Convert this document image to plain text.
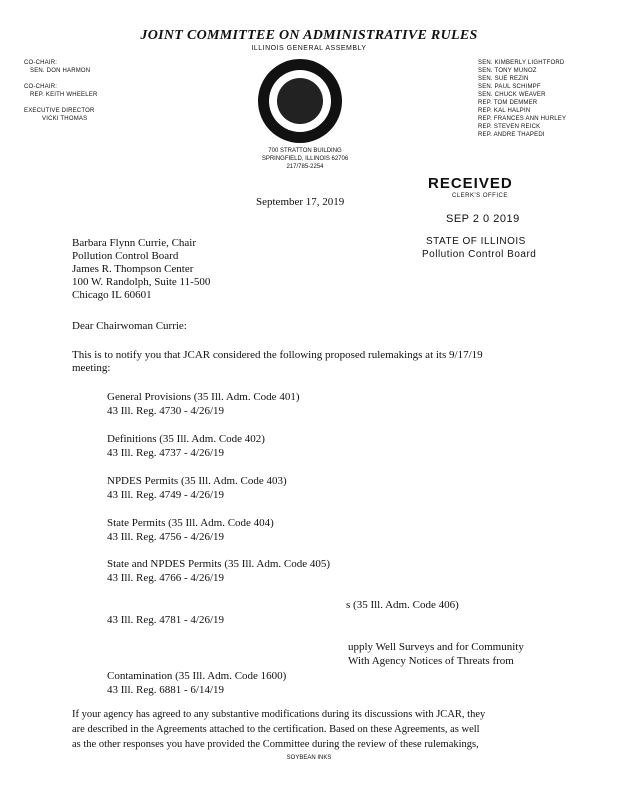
JOINT COMMITTEE ON ADMINISTRATIVE RULES
ILLINOIS GENERAL ASSEMBLY
CO-CHAIR:
SEN. DON HARMON
CO-CHAIR:
REP. KEITH WHEELER
EXECUTIVE DIRECTOR
VICKI THOMAS
SEN. KIMBERLY LIGHTFORD
SEN. TONY MUNOZ
SEN. SUE REZIN
SEN. PAUL SCHIMPF
SEN. CHUCK WEAVER
REP. TOM DEMMER
REP. KAL HALPIN
REP. FRANCES ANN HURLEY
REP. STEVEN REICK
REP. ANDRE THAPEDI
700 STRATTON BUILDING
SPRINGFIELD, ILLINOIS 62706
217/785-2254
RECEIVED
CLERK'S OFFICE
SEP 2 0 2019
STATE OF ILLINOIS
Pollution Control Board
September 17, 2019
Barbara Flynn Currie, Chair
Pollution Control Board
James R. Thompson Center
100 W. Randolph, Suite 11-500
Chicago IL 60601
Dear Chairwoman Currie:
This is to notify you that JCAR considered the following proposed rulemakings at its 9/17/19
meeting:
General Provisions (35 Ill. Adm. Code 401)
43 Ill. Reg. 4730 - 4/26/19
Definitions (35 Ill. Adm. Code 402)
43 Ill. Reg. 4737 - 4/26/19
NPDES Permits (35 Ill. Adm. Code 403)
43 Ill. Reg. 4749 - 4/26/19
State Permits (35 Ill. Adm. Code 404)
43 Ill. Reg. 4756 - 4/26/19
State and NPDES Permits (35 Ill. Adm. Code 405)
43 Ill. Reg. 4766 - 4/26/19
s (35 Ill. Adm. Code 406)
43 Ill. Reg. 4781 - 4/26/19
upply Well Surveys and for Community
With Agency Notices of Threats from
Contamination (35 Ill. Adm. Code 1600)
43 Ill. Reg. 6881 - 6/14/19
If your agency has agreed to any substantive modifications during its discussions with JCAR, they
are described in the Agreements attached to the certification. Based on these Agreements, as well
as the other responses you have provided the Committee during the review of these rulemakings,
SOYBEAN INKS
